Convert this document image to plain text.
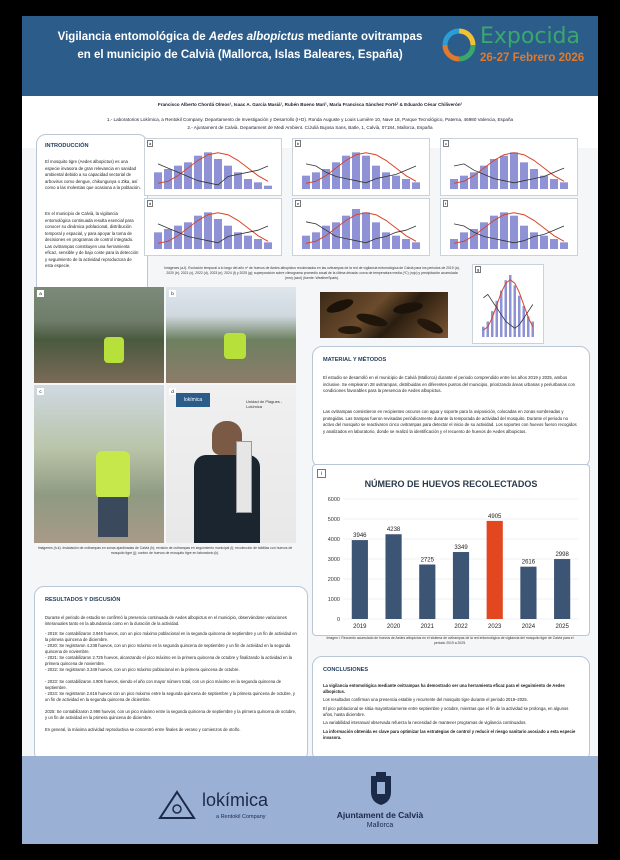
Vigilancia entomológica de Aedes albopictus mediante ovitrampas en el municipio de Calvià (Mallorca, Islas Baleares, España)
Expocida
26-27 Febrero 2026
Francisco Alberto Chordá Olmos¹, Isaac A. García Masiá¹, Rubén Bueno Marí¹, María Francisca Sánchez Forté² & Eduardo César Chiliverón²
1.- Laboratorios Lokímica, a Rentokil Company. Departamento de Investigación y Desarrollo (I+D). Ronda Auguste y Louis Lumière 10, Nave 18, Parque Tecnológico, Paterna, 46980 Valencia, España
2.- Ajuntament de Calvià. Departament de Medi Ambient. C/Julià Bujosa Sans, Batle, 1, Calvià, 07184, Mallorca, España
INTRODUCCIÓN
El mosquito tigre (Aedes albopictus) es una especie invasora de gran relevancia en sanidad ambiental debido a su capacidad vectorial de arbovirus como dengue, chikungunya o Zika, así como a las molestias que ocasiona a la población.
En el municipio de Calvià, la vigilancia entomológica continuada resulta esencial para conocer su dinámica poblacional, distribución temporal y espacial, y para apoyar la toma de decisiones en programas de control integrado. Las ovitrampas constituyen una herramienta eficaz, sensible y de bajo coste para la detección y seguimiento de la actividad reproductora de esta especie.
a	b	c
d	e	f
g
Imágenes (a-f). Evolución temporal a lo largo del año nº de huevos de Aedes albopictus recolectados en las ovitrampas de la red de vigilancia entomológica de Calvià para los periodos de 2019 (a), 2020 (b), 2021 (c), 2022 (d), 2023 (e), 2024 (f) y 2025 (g); superposición sobre climograma promedio anual de la última década: curva de temperatura media (ºC) (rojo) y precipitación acumulada (mm) (azul) (fuente: WeatherSpark).
a	b
c	d
lokímica	Unidad de Plagues - Lokímica
Imágenes (h-k). Instalación de ovitrampas en zonas ajardinadas de Calvià (h); revisión de ovitrampas en seguimiento municipal (i); recolección de tablillas con huevos de mosquito tigre (j); conteo de huevos de mosquito tigre en laboratorio (k).
MATERIAL Y MÉTODOS
El estudio se desarrolló en el municipio de Calvià (Mallorca) durante el periodo comprendido entre los años 2019 y 2025, ambos inclusive. Se emplearon 28 ovitrampas, distribuidas en diferentes puntos del municipio, priorizando áreas urbanas y periurbanas con condiciones favorables para la presencia de Aedes albopictus.
Las ovitrampas consistieron en recipientes oscuros con agua y soporte para la oviposición, colocadas en zonas sombreadas y protegidas. Las trampas fueron revisadas periódicamente durante la temporada de actividad del mosquito. Durante el periodo no activo del mosquito se reactivaron cinco ovitrampas para detectar el inicio de su actividad. Los soportes con huevos fueron recogidos y analizados en laboratorio, donde se realizó la identificación y el recuento de huevos de Aedes albopictus.
l
NÚMERO DE HUEVOS RECOLECTADOS
0
1000
2000
3000
4000
5000
6000
3946
2019
4238
2020
2725
2021
3349
2022
4905
2023
2616
2024
2998
2025
Imagen l. Recuento acumulado de huevos de Aedes albopictus en el sistema de ovitrampas de la red entomológica de vigilancia del mosquito tigre de Calvià para el periodo 2019 a 2025.
RESULTADOS Y DISCUSIÓN
Durante el periodo de estudio se confirmó la presencia continuada de Aedes albopictus en el municipio, observándose variaciones interanuales tanto en la abundancia como en la duración de la actividad.
- 2019: Se contabilizaron 3.946 huevos, con un pico máximo poblacional en la segunda quincena de septiembre y un fin de actividad en la primera quincena de diciembre.
- 2020: Se registraron 4.238 huevos, con un pico máximo en la segunda quincena de septiembre y un fin de actividad en la segunda quincena de noviembre.
- 2021: Se contabilizaron 2.725 huevos, alcanzando el pico máximo en la primera quincena de octubre y finalizando la actividad en la primera quincena de noviembre.
- 2022: Se registraron 3.349 huevos, con un pico máximo poblacional en la primera quincena de octubre.
- 2023: Se contabilizaron 4.905 huevos, siendo el año con mayor número total, con un pico máximo en la segunda quincena de septiembre.
- 2024: Se registraron 2.616 huevos con un pico máximo entre la segunda quincena de septiembre y la primera quincena de octubre, y un fin de actividad en la segunda quincena de diciembre.
2025: Se contabilizaron 2.998 huevos, con un pico máximo entre la segunda quincena de septiembre y la primera quincena de octubre, y un fin de actividad en la primera quincena de diciembre.
En general, la máxima actividad reproductiva se concentró entre finales de verano y comienzos de otoño.
CONCLUSIONES
La vigilancia entomológica mediante ovitrampas ha demostrado ser una herramienta eficaz para el seguimiento de Aedes albopictus.
Los resultados confirman una presencia estable y recurrente del mosquito tigre durante el periodo 2019–2025.
El pico poblacional se sitúa mayoritariamente entre septiembre y octubre, mientras que el fin de la actividad se prolonga, en algunos años, hasta diciembre.
La variabilidad interanual observada refuerza la necesidad de mantener programas de vigilancia continuados.
La información obtenida es clave para optimizar las estrategias de control y reducir el riesgo sanitario asociado a esta especie invasora.
lokímica
a Rentokil Company	Ajuntament de Calvià
Mallorca
